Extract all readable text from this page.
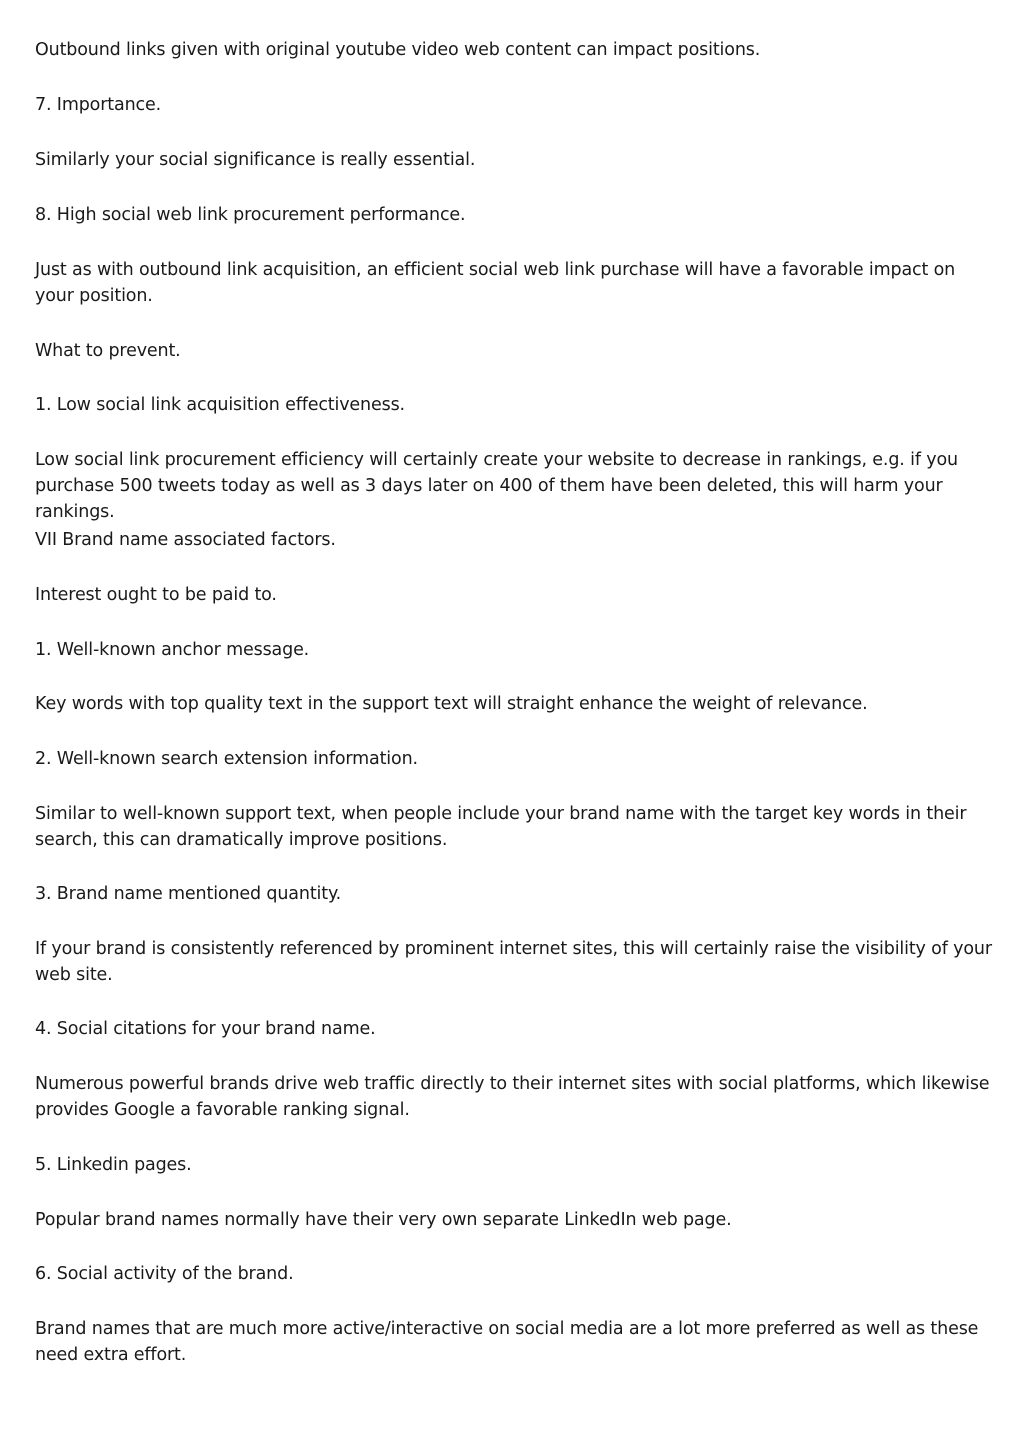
Outbound links given with original youtube video web content can impact positions.

7. Importance.

Similarly your social significance is really essential.

8. High social web link procurement performance.

Just as with outbound link acquisition, an efficient social web link purchase will have a favorable impact on your position.

What to prevent.

1. Low social link acquisition effectiveness.

Low social link procurement efficiency will certainly create your website to decrease in rankings, e.g. if you purchase 500 tweets today as well as 3 days later on 400 of them have been deleted, this will harm your rankings.

VII Brand name associated factors.

Interest ought to be paid to.

1. Well-known anchor message.

Key words with top quality text in the support text will straight enhance the weight of relevance.

2. Well-known search extension information.

Similar to well-known support text, when people include your brand name with the target key words in their search, this can dramatically improve positions.

3. Brand name mentioned quantity.

If your brand is consistently referenced by prominent internet sites, this will certainly raise the visibility of your web site.

4. Social citations for your brand name.

Numerous powerful brands drive web traffic directly to their internet sites with social platforms, which likewise provides Google a favorable ranking signal.

5. Linkedin pages.

Popular brand names normally have their very own separate LinkedIn web page.

6. Social activity of the brand.

Brand names that are much more active/interactive on social media are a lot more preferred as well as these need extra effort.
